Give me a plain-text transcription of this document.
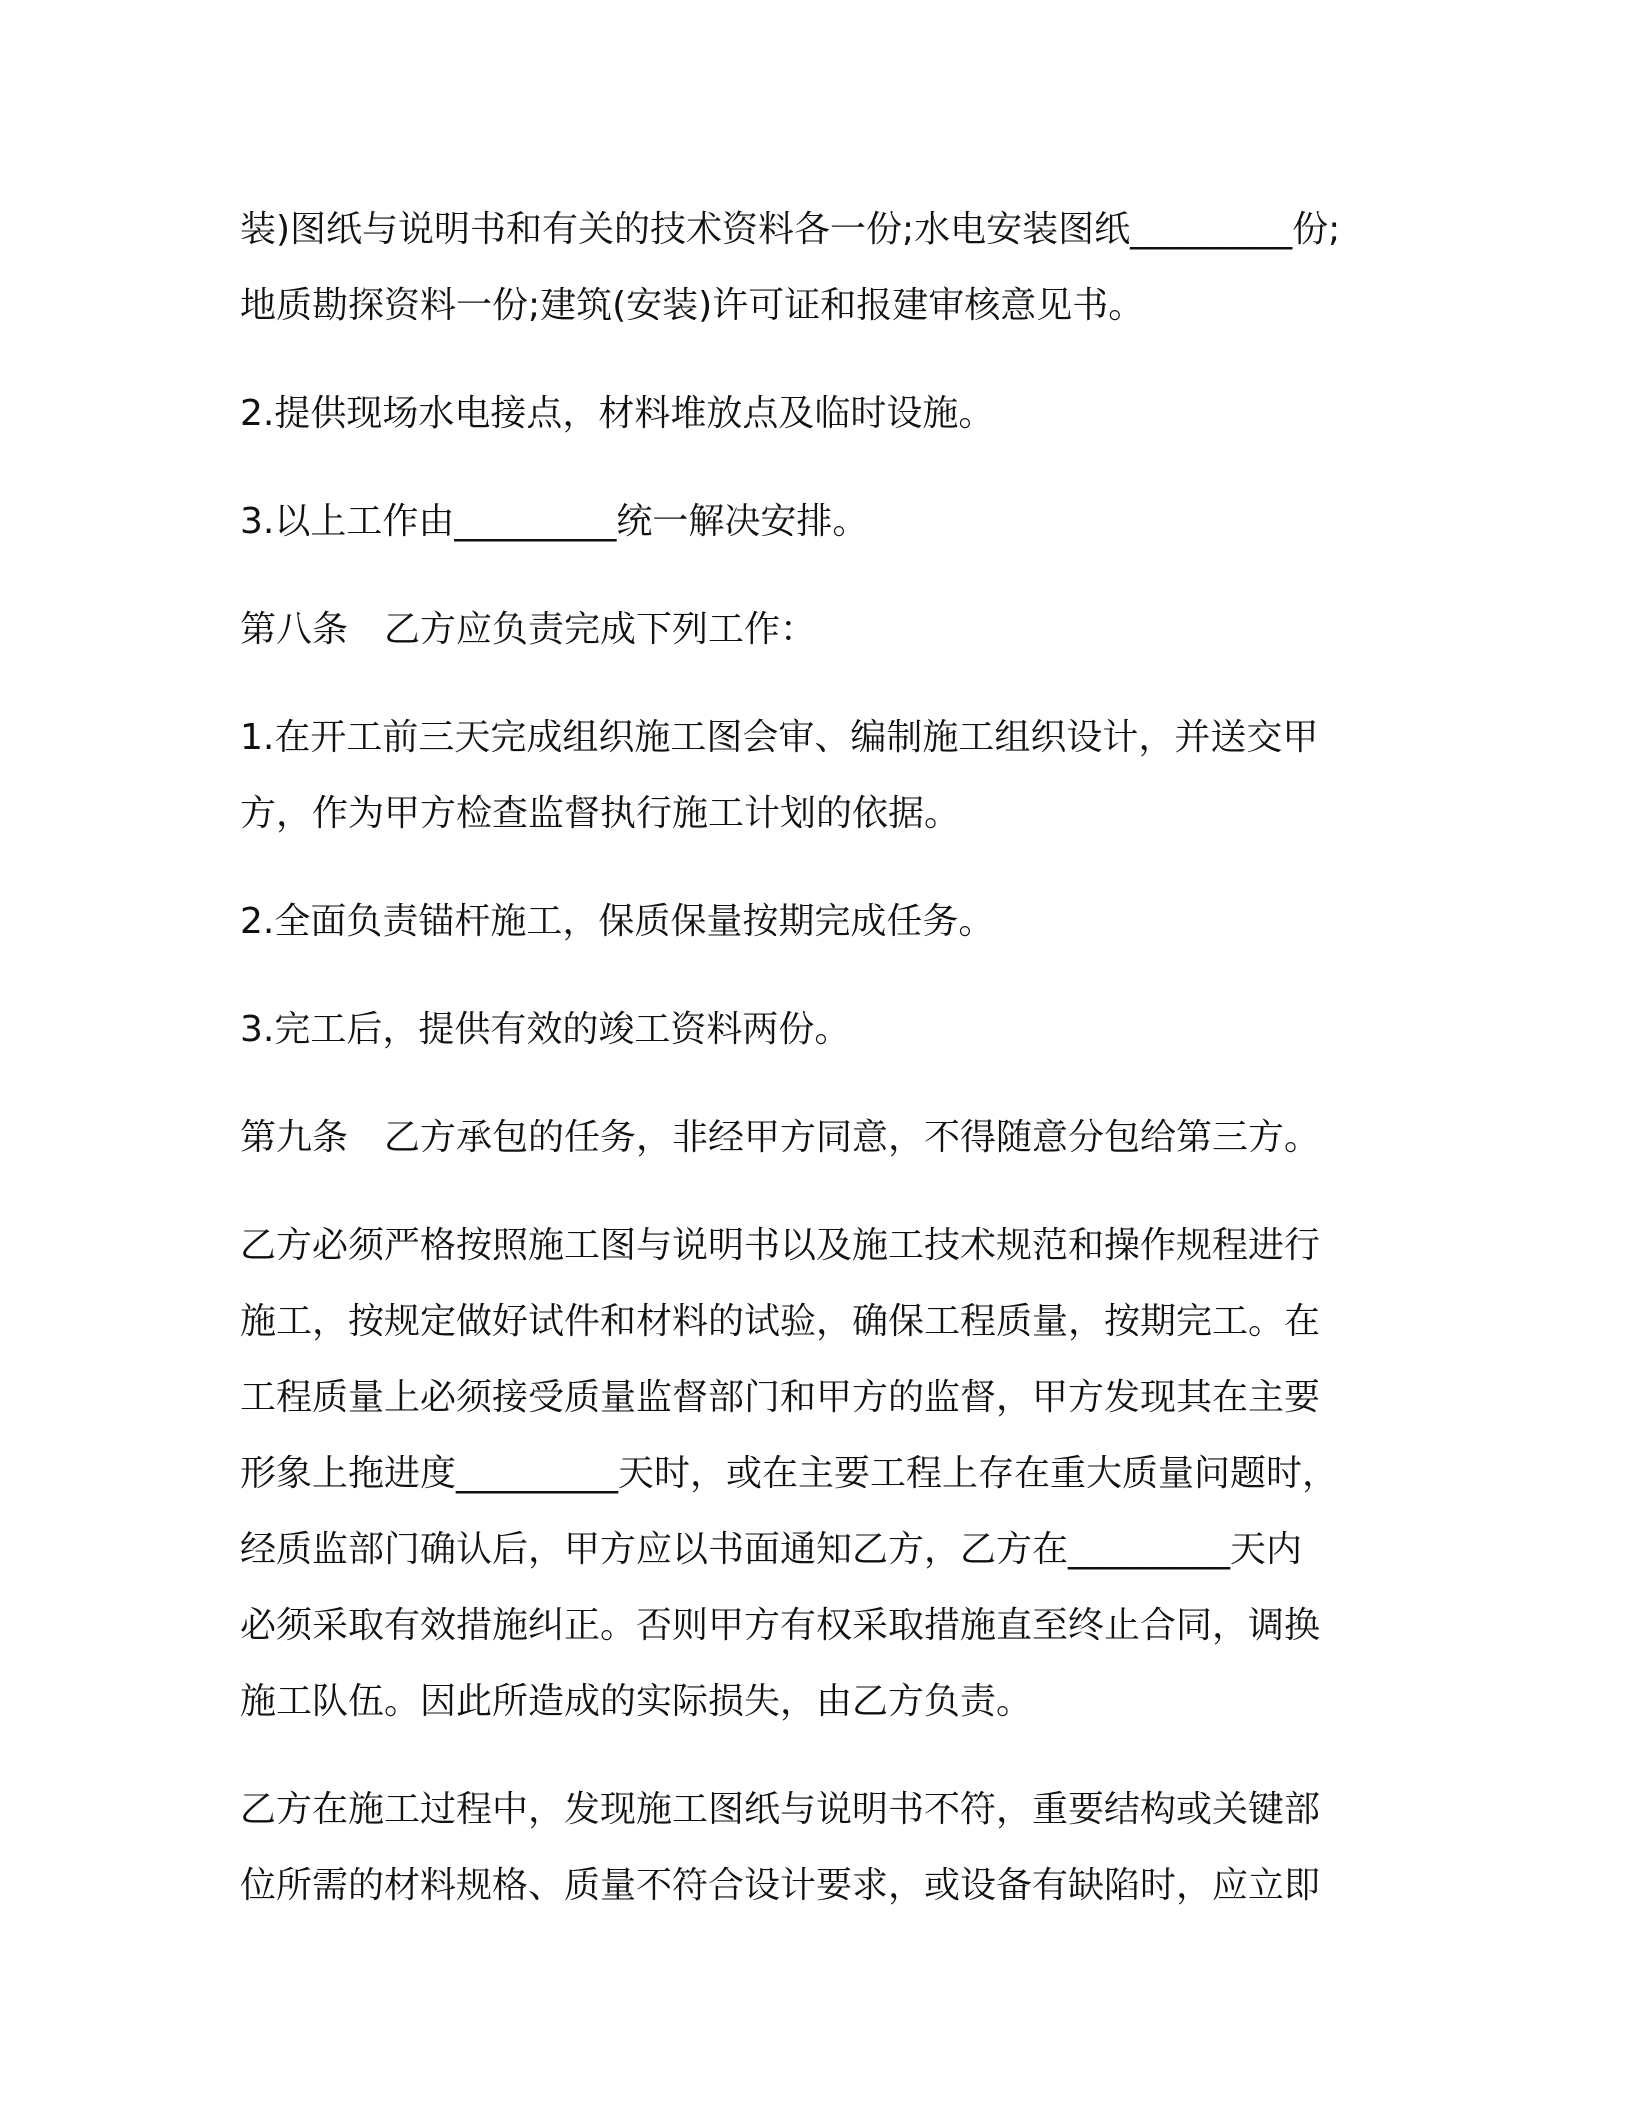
装)图纸与说明书和有关的技术资料各一份;水电安装图纸_________份;
地质勘探资料一份;建筑(安装)许可证和报建审核意见书。
2.提供现场水电接点，材料堆放点及临时设施。
3.以上工作由_________统一解决安排。
第八条　乙方应负责完成下列工作：
1.在开工前三天完成组织施工图会审、编制施工组织设计，并送交甲
方，作为甲方检查监督执行施工计划的依据。
2.全面负责锚杆施工，保质保量按期完成任务。
3.完工后，提供有效的竣工资料两份。
第九条　乙方承包的任务，非经甲方同意，不得随意分包给第三方。
乙方必须严格按照施工图与说明书以及施工技术规范和操作规程进行
施工，按规定做好试件和材料的试验，确保工程质量，按期完工。在
工程质量上必须接受质量监督部门和甲方的监督，甲方发现其在主要
形象上拖进度_________天时，或在主要工程上存在重大质量问题时，
经质监部门确认后，甲方应以书面通知乙方，乙方在_________天内
必须采取有效措施纠正。否则甲方有权采取措施直至终止合同，调换
施工队伍。因此所造成的实际损失，由乙方负责。
乙方在施工过程中，发现施工图纸与说明书不符，重要结构或关键部
位所需的材料规格、质量不符合设计要求，或设备有缺陷时，应立即
